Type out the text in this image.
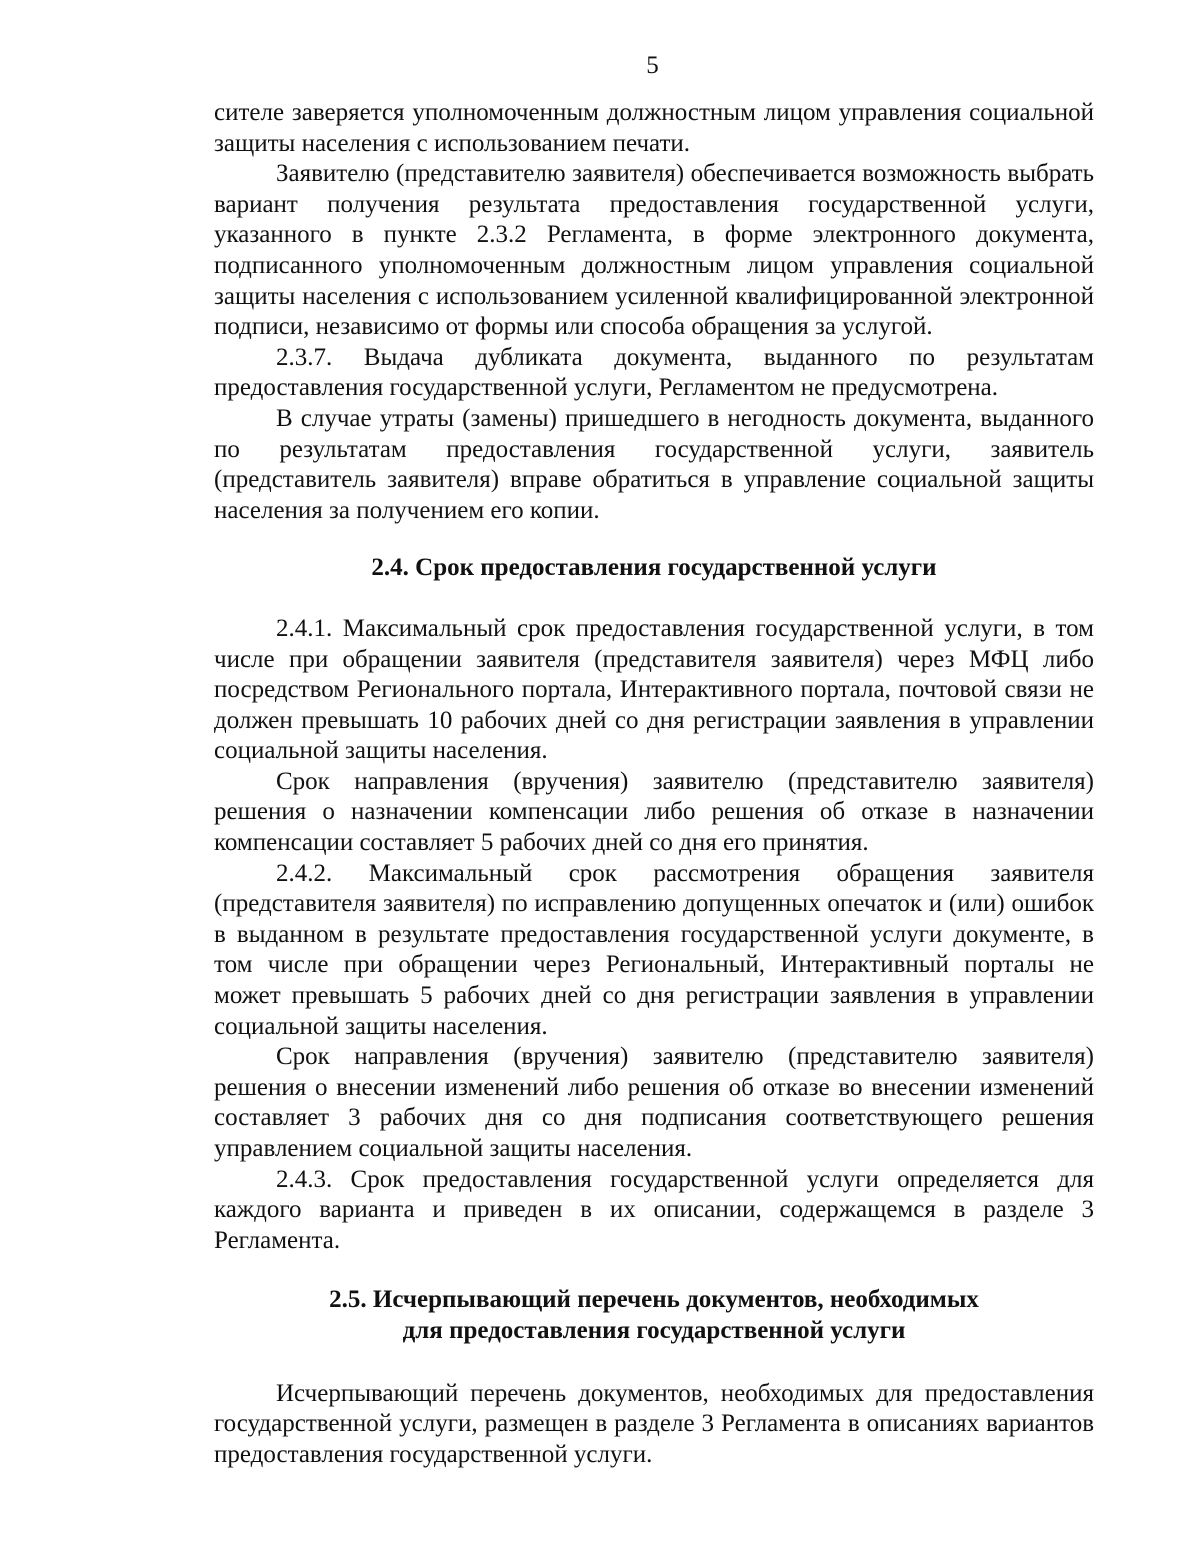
5

сителе заверяется уполномоченным должностным лицом управления социальной защиты населения с использованием печати.

Заявителю (представителю заявителя) обеспечивается возможность выбрать вариант получения результата предоставления государственной услуги, указанного в пункте 2.3.2 Регламента, в форме электронного документа, подписанного уполномоченным должностным лицом управления социальной защиты населения с использованием усиленной квалифицированной электронной подписи, независимо от формы или способа обращения за услугой.

2.3.7. Выдача дубликата документа, выданного по результатам предоставления государственной услуги, Регламентом не предусмотрена.

В случае утраты (замены) пришедшего в негодность документа, выданного по результатам предоставления государственной услуги, заявитель (представитель заявителя) вправе обратиться в управление социальной защиты населения за получением его копии.

2.4. Срок предоставления государственной услуги

2.4.1. Максимальный срок предоставления государственной услуги, в том числе при обращении заявителя (представителя заявителя) через МФЦ либо посредством Регионального портала, Интерактивного портала, почтовой связи не должен превышать 10 рабочих дней со дня регистрации заявления в управлении социальной защиты населения.

Срок направления (вручения) заявителю (представителю заявителя) решения о назначении компенсации либо решения об отказе в назначении компенсации составляет 5 рабочих дней со дня его принятия.

2.4.2. Максимальный срок рассмотрения обращения заявителя (представителя заявителя) по исправлению допущенных опечаток и (или) ошибок в выданном в результате предоставления государственной услуги документе, в том числе при обращении через Региональный, Интерактивный порталы не может превышать 5 рабочих дней со дня регистрации заявления в управлении социальной защиты населения.

Срок направления (вручения) заявителю (представителю заявителя) решения о внесении изменений либо решения об отказе во внесении изменений составляет 3 рабочих дня со дня подписания соответствующего решения управлением социальной защиты населения.

2.4.3. Срок предоставления государственной услуги определяется для каждого варианта и приведен в их описании, содержащемся в разделе 3 Регламента.

2.5. Исчерпывающий перечень документов, необходимых
для предоставления государственной услуги

Исчерпывающий перечень документов, необходимых для предоставления государственной услуги, размещен в разделе 3 Регламента в описаниях вариантов предоставления государственной услуги.
